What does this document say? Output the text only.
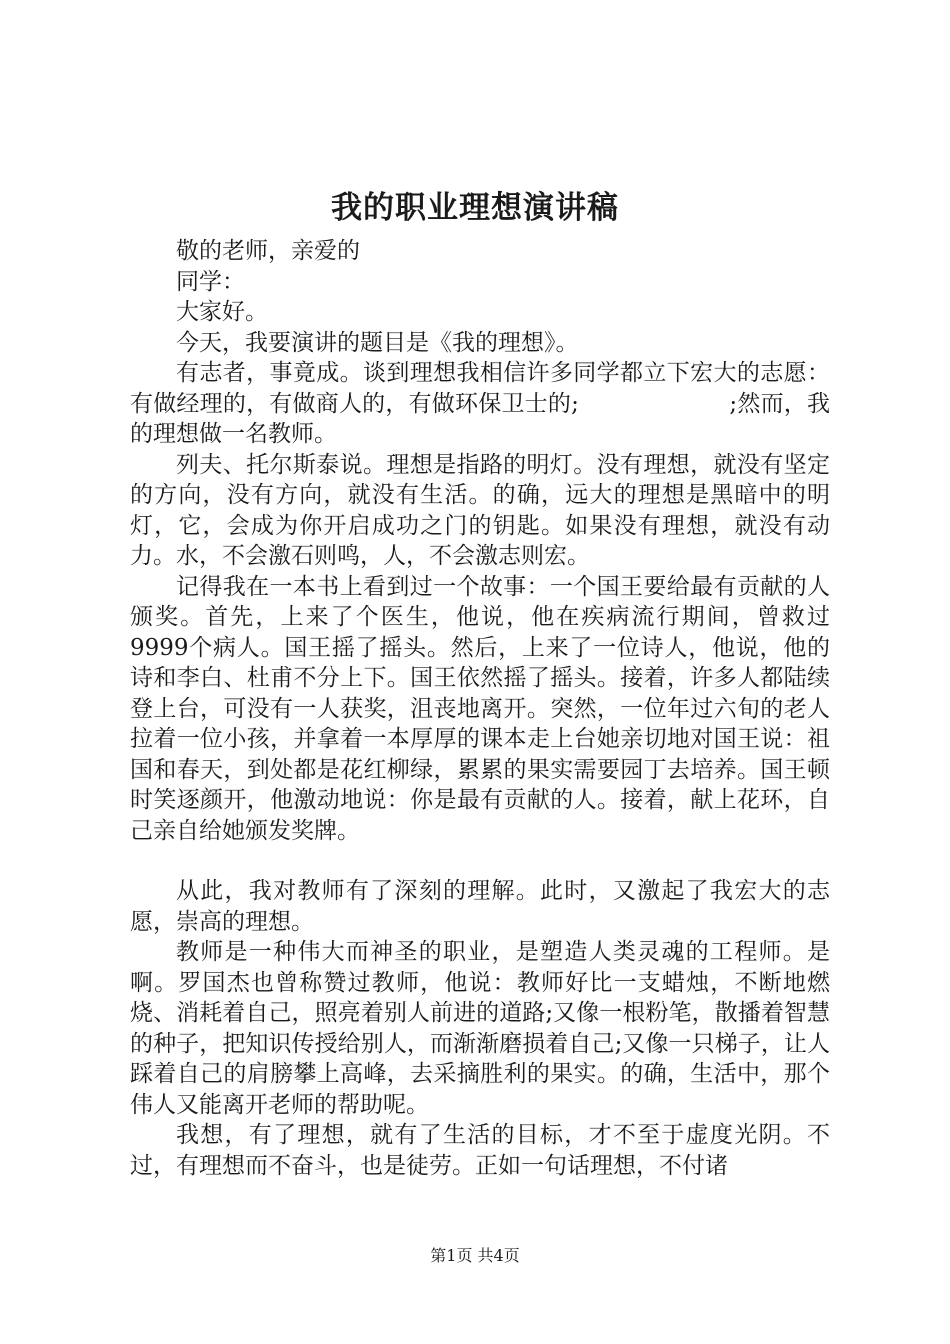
我的职业理想演讲稿

敬的老师，亲爱的

同学：

大家好。

今天，我要演讲的题目是《我的理想》。

有志者，事竟成。谈到理想我相信许多同学都立下宏大的志愿：有做经理的，有做商人的，有做环保卫士的;                    ;然而，我的理想做一名教师。

列夫、托尔斯泰说。理想是指路的明灯。没有理想，就没有坚定的方向，没有方向，就没有生活。的确，远大的理想是黑暗中的明灯，它，会成为你开启成功之门的钥匙。如果没有理想，就没有动力。水，不会激石则鸣，人，不会激志则宏。

记得我在一本书上看到过一个故事：一个国王要给最有贡献的人颁奖。首先，上来了个医生，他说，他在疾病流行期间，曾救过9999个病人。国王摇了摇头。然后，上来了一位诗人，他说，他的诗和李白、杜甫不分上下。国王依然摇了摇头。接着，许多人都陆续登上台，可没有一人获奖，沮丧地离开。突然，一位年过六旬的老人拉着一位小孩，并拿着一本厚厚的课本走上台她亲切地对国王说：祖国和春天，到处都是花红柳绿，累累的果实需要园丁去培养。国王顿时笑逐颜开，他激动地说：你是最有贡献的人。接着，献上花环，自己亲自给她颁发奖牌。

从此，我对教师有了深刻的理解。此时，又激起了我宏大的志愿，崇高的理想。

教师是一种伟大而神圣的职业，是塑造人类灵魂的工程师。是啊。罗国杰也曾称赞过教师，他说：教师好比一支蜡烛，不断地燃烧、消耗着自己，照亮着别人前进的道路;又像一根粉笔，散播着智慧的种子，把知识传授给别人，而渐渐磨损着自己;又像一只梯子，让人踩着自己的肩膀攀上高峰，去采摘胜利的果实。的确，生活中，那个伟人又能离开老师的帮助呢。

我想，有了理想，就有了生活的目标，才不至于虚度光阴。不过，有理想而不奋斗，也是徒劳。正如一句话理想，不付诸

第1页 共4页
